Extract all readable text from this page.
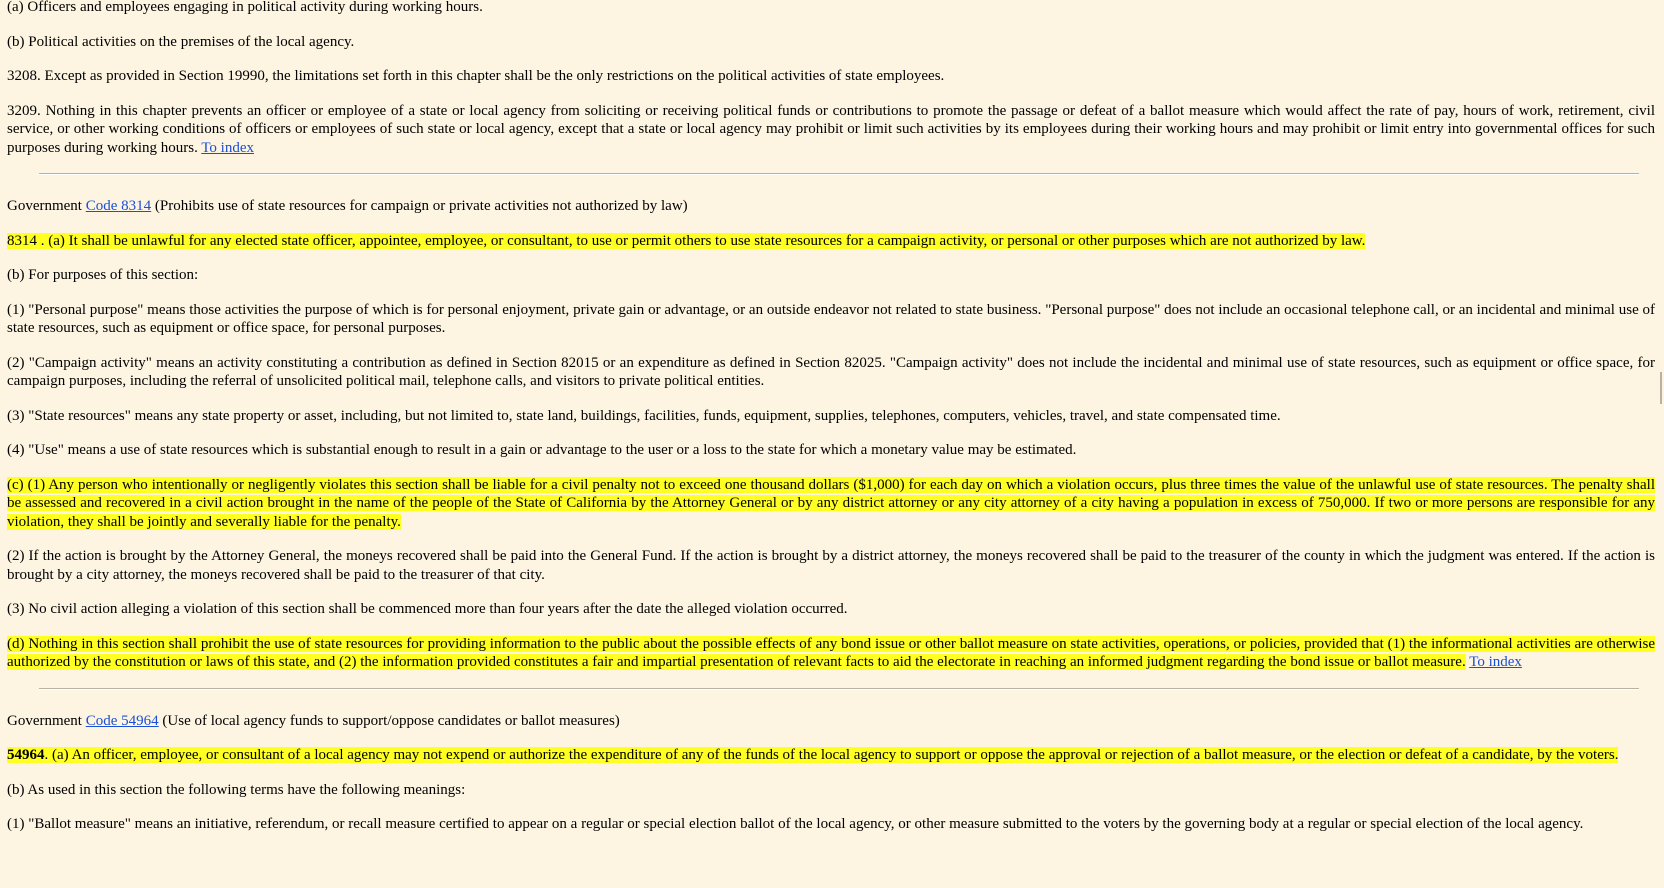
(a) Officers and employees engaging in political activity during working hours.

(b) Political activities on the premises of the local agency.

3208. Except as provided in Section 19990, the limitations set forth in this chapter shall be the only restrictions on the political activities of state employees.

3209. Nothing in this chapter prevents an officer or employee of a state or local agency from soliciting or receiving political funds or contributions to promote the passage or defeat of a ballot measure which would affect the rate of pay, hours of work, retirement, civil service, or other working conditions of officers or employees of such state or local agency, except that a state or local agency may prohibit or limit such activities by its employees during their working hours and may prohibit or limit entry into governmental offices for such purposes during working hours. To index

Government Code 8314 (Prohibits use of state resources for campaign or private activities not authorized by law)

8314 . (a) It shall be unlawful for any elected state officer, appointee, employee, or consultant, to use or permit others to use state resources for a campaign activity, or personal or other purposes which are not authorized by law.

(b) For purposes of this section:

(1) "Personal purpose" means those activities the purpose of which is for personal enjoyment, private gain or advantage, or an outside endeavor not related to state business. "Personal purpose" does not include an occasional telephone call, or an incidental and minimal use of state resources, such as equipment or office space, for personal purposes.

(2) "Campaign activity" means an activity constituting a contribution as defined in Section 82015 or an expenditure as defined in Section 82025. "Campaign activity" does not include the incidental and minimal use of state resources, such as equipment or office space, for campaign purposes, including the referral of unsolicited political mail, telephone calls, and visitors to private political entities.

(3) "State resources" means any state property or asset, including, but not limited to, state land, buildings, facilities, funds, equipment, supplies, telephones, computers, vehicles, travel, and state compensated time.

(4) "Use" means a use of state resources which is substantial enough to result in a gain or advantage to the user or a loss to the state for which a monetary value may be estimated.

(c) (1) Any person who intentionally or negligently violates this section shall be liable for a civil penalty not to exceed one thousand dollars ($1,000) for each day on which a violation occurs, plus three times the value of the unlawful use of state resources. The penalty shall be assessed and recovered in a civil action brought in the name of the people of the State of California by the Attorney General or by any district attorney or any city attorney of a city having a population in excess of 750,000. If two or more persons are responsible for any violation, they shall be jointly and severally liable for the penalty.

(2) If the action is brought by the Attorney General, the moneys recovered shall be paid into the General Fund. If the action is brought by a district attorney, the moneys recovered shall be paid to the treasurer of the county in which the judgment was entered. If the action is brought by a city attorney, the moneys recovered shall be paid to the treasurer of that city.

(3) No civil action alleging a violation of this section shall be commenced more than four years after the date the alleged violation occurred.

(d) Nothing in this section shall prohibit the use of state resources for providing information to the public about the possible effects of any bond issue or other ballot measure on state activities, operations, or policies, provided that (1) the informational activities are otherwise authorized by the constitution or laws of this state, and (2) the information provided constitutes a fair and impartial presentation of relevant facts to aid the electorate in reaching an informed judgment regarding the bond issue or ballot measure. To index

Government Code 54964 (Use of local agency funds to support/oppose candidates or ballot measures)

54964. (a) An officer, employee, or consultant of a local agency may not expend or authorize the expenditure of any of the funds of the local agency to support or oppose the approval or rejection of a ballot measure, or the election or defeat of a candidate, by the voters.

(b) As used in this section the following terms have the following meanings:

(1) "Ballot measure" means an initiative, referendum, or recall measure certified to appear on a regular or special election ballot of the local agency, or other measure submitted to the voters by the governing body at a regular or special election of the local agency.
